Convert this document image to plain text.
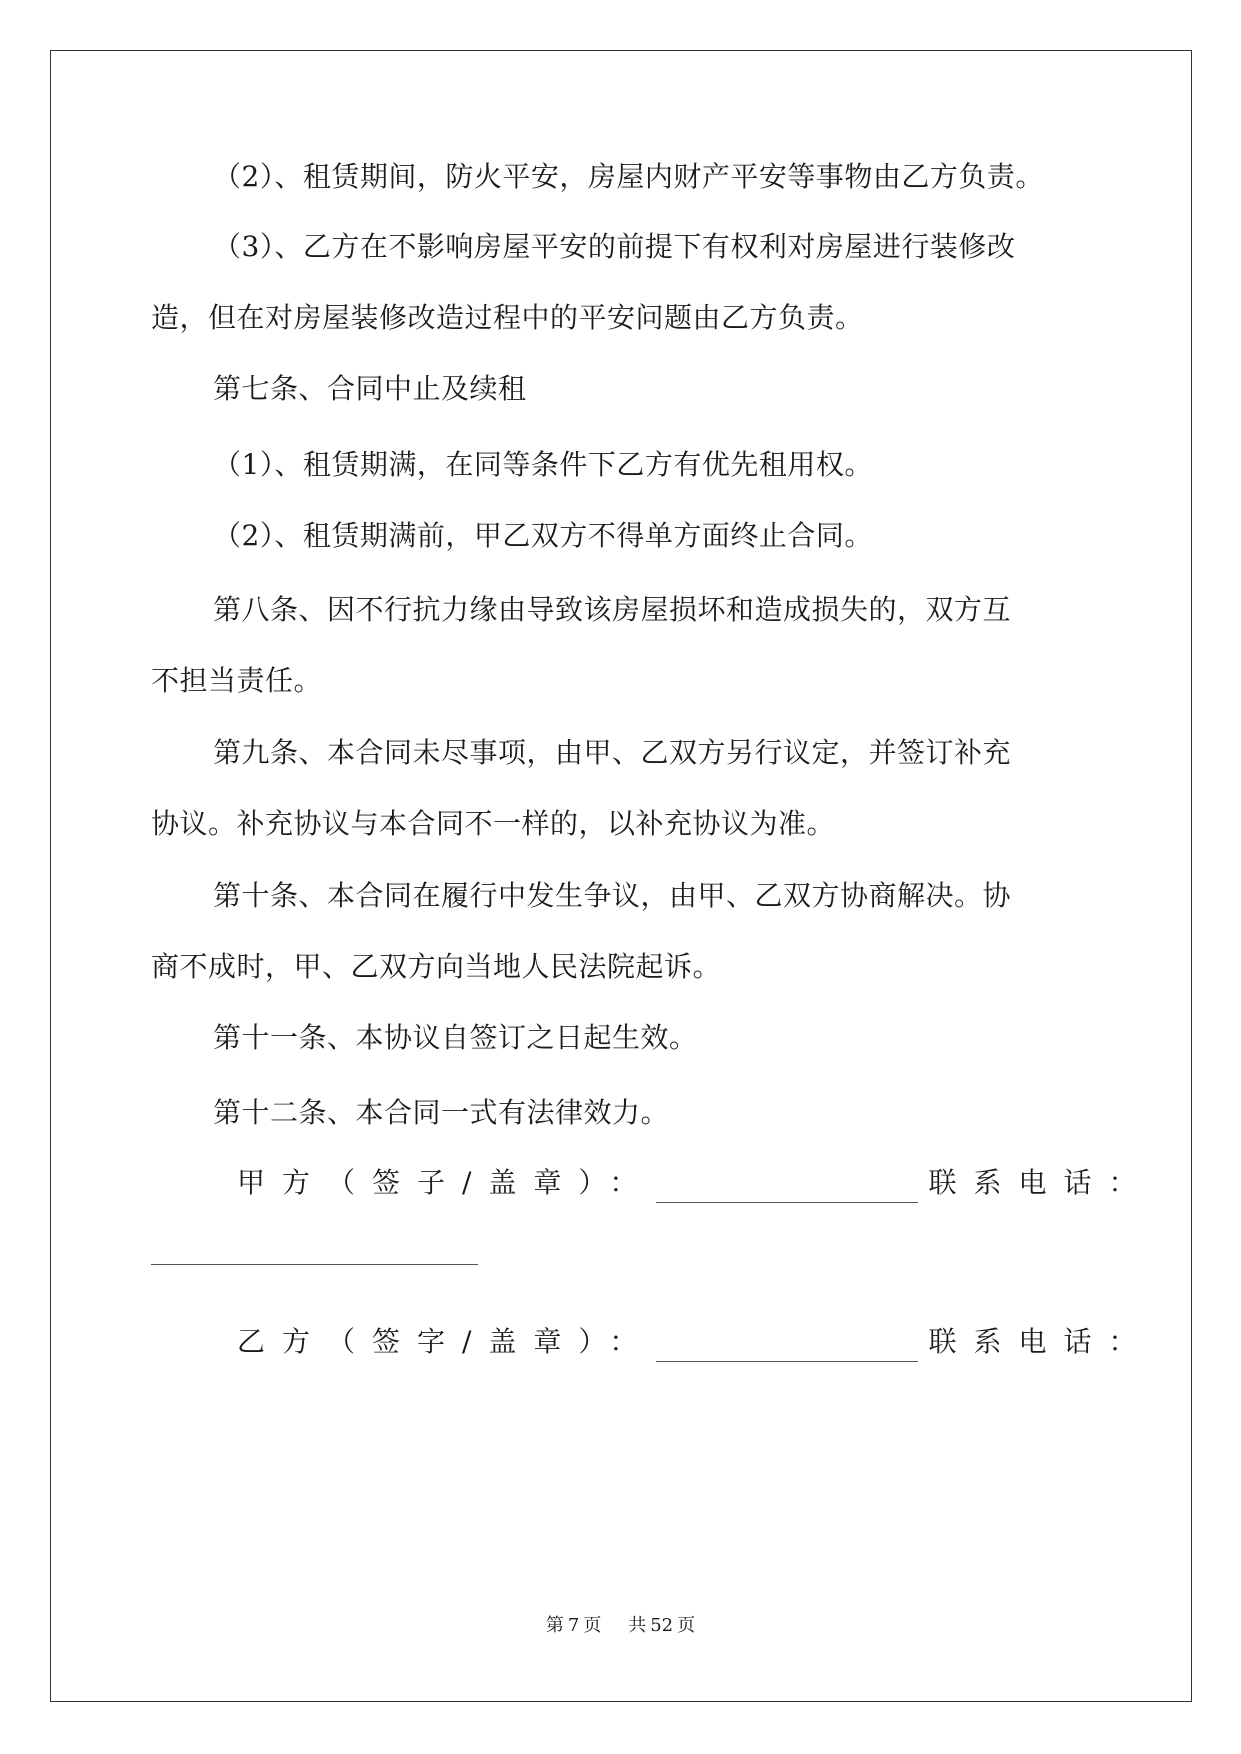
（2）、租赁期间，防火平安，房屋内财产平安等事物由乙方负责。
（3）、乙方在不影响房屋平安的前提下有权利对房屋进行装修改
造，但在对房屋装修改造过程中的平安问题由乙方负责。
第七条、合同中止及续租
（1）、租赁期满，在同等条件下乙方有优先租用权。
（2）、租赁期满前，甲乙双方不得单方面终止合同。
第八条、因不行抗力缘由导致该房屋损坏和造成损失的，双方互
不担当责任。
第九条、本合同未尽事项，由甲、乙双方另行议定，并签订补充
协议。补充协议与本合同不一样的，以补充协议为准。
第十条、本合同在履行中发生争议，由甲、乙双方协商解决。协
商不成时，甲、乙双方向当地人民法院起诉。
第十一条、本协议自签订之日起生效。
第十二条、本合同一式有法律效力。
甲方（签子/盖章）：	联系电话：
乙方（签字/盖章）：	联系电话：
第 7 页 共 52 页
